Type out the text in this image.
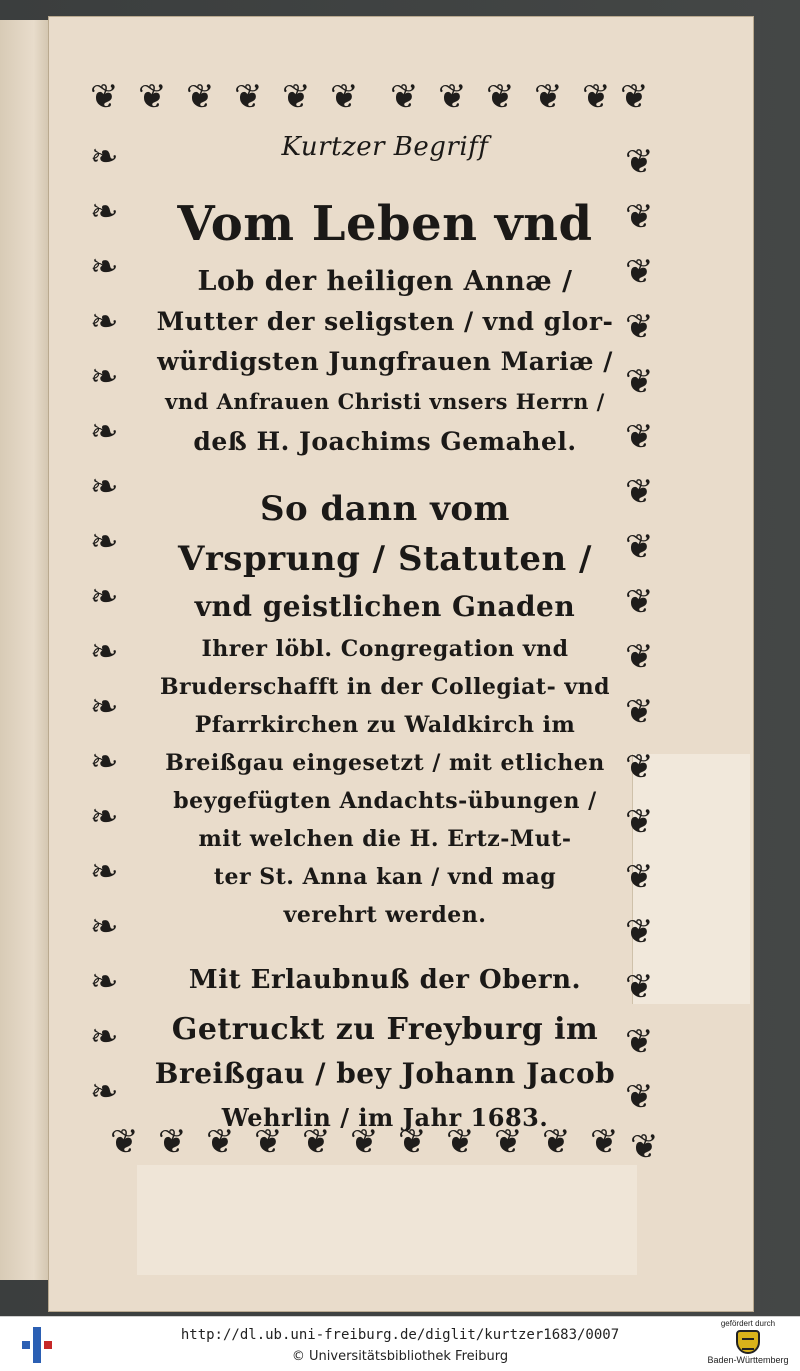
❦ ❦ ❦ ❦ ❦ ❦ ❦ ❦ ❦ ❦ ❦ ❦
❧
❧
❧
❧
❧
❧
❧
❧
❧
❧
❧
❧
❧
❧
❧
❧
❧
❧
❦
❦
❦
❦
❦
❦
❦
❦
❦
❦
❦
❦
❦
❦
❦
❦
❦
❦
❦ ❦ ❦ ❦ ❦ ❦ ❦ ❦ ❦ ❦ ❦ ❦
Kurtzer Begriff
Vom Leben vnd
Lob der heiligen Annæ /
Mutter der seligsten / vnd glor-
würdigsten Jungfrauen Mariæ /
vnd Anfrauen Christi vnsers Herrn /
deß H. Joachims Gemahel.
So dann vom
Vrsprung / Statuten /
vnd geistlichen Gnaden
Ihrer löbl. Congregation vnd
Bruderschafft in der Collegiat- vnd
Pfarrkirchen zu Waldkirch im
Breißgau eingesetzt / mit etlichen
beygefügten Andachts-übungen /
mit welchen die H. Ertz-Mut-
ter St. Anna kan / vnd mag
verehrt werden.
Mit Erlaubnuß der Obern.
Getruckt zu Freyburg im
Breißgau / bey Johann Jacob
Wehrlin / im Jahr 1683.
http://dl.ub.uni-freiburg.de/diglit/kurtzer1683/0007
© Universitätsbibliothek Freiburg
gefördert durch
Baden-Württemberg
